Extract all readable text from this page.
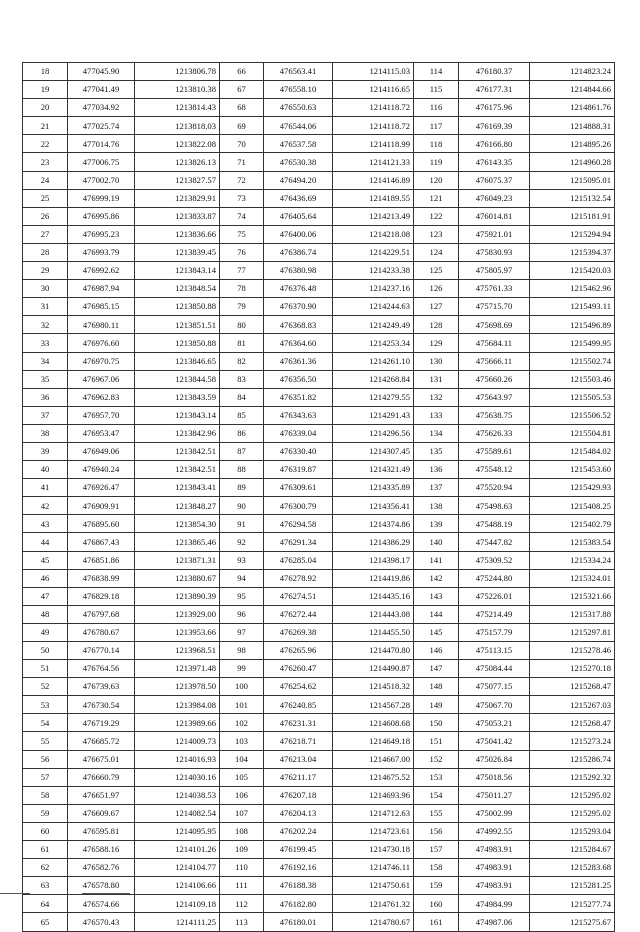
18	477045.90	1213806.78	66	476563.41	1214115.03	114	476180.37	1214823.24
19	477041.49	1213810.38	67	476558.10	1214116.65	115	476177.31	1214844.66
20	477034.92	1213814.43	68	476550.63	1214118.72	116	476175.96	1214861.76
21	477025.74	1213818.03	69	476544.06	1214118.72	117	476169.39	1214888.31
22	477014.76	1213822.08	70	476537.58	1214118.99	118	476166.80	1214895.26
23	477006.75	1213826.13	71	476530.38	1214121.33	119	476143.35	1214960.28
24	477002.70	1213827.57	72	476494.20	1214146.89	120	476075.37	1215095.01
25	476999.19	1213829.91	73	476436.69	1214189.55	121	476049.23	1215132.54
26	476995.86	1213833.87	74	476405.64	1214213.49	122	476014.81	1215181.91
27	476995.23	1213836.66	75	476400.06	1214218.08	123	475921.01	1215294.94
28	476993.79	1213839.45	76	476386.74	1214229.51	124	475830.93	1215394.37
29	476992.62	1213843.14	77	476380.98	1214233.38	125	475805.97	1215420.03
30	476987.94	1213848.54	78	476376.48	1214237.16	126	475761.33	1215462.96
31	476985.15	1213850.88	79	476370.90	1214244.63	127	475715.70	1215493.11
32	476980.11	1213851.51	80	476368.83	1214249.49	128	475698.69	1215496.89
33	476976.60	1213850.88	81	476364.60	1214253.34	129	475684.11	1215499.95
34	476970.75	1213846.65	82	476361.36	1214261.10	130	475666.11	1215502.74
35	476967.06	1213844.58	83	476356.50	1214268.84	131	475660.26	1215503.46
36	476962.83	1213843.59	84	476351.82	1214279.55	132	475643.97	1215505.53
37	476957.70	1213843.14	85	476343.63	1214291.43	133	475638.75	1215506.52
38	476953.47	1213842.96	86	476339.04	1214296.56	134	475626.33	1215504.81
39	476949.06	1213842.51	87	476330.40	1214307.45	135	475589.61	1215484.02
40	476940.24	1213842.51	88	476319.87	1214321.49	136	475548.12	1215453.60
41	476926.47	1213843.41	89	476309.61	1214335.89	137	475520.94	1215429.93
42	476909.91	1213848.27	90	476300.79	1214356.41	138	475498.63	1215408.25
43	476895.60	1213854.30	91	476294.58	1214374.86	139	475488.19	1215402.79
44	476867.43	1213865.46	92	476291.34	1214386.29	140	475447.82	1215383.54
45	476851.86	1213871.31	93	476285.04	1214398.17	141	475309.52	1215334.24
46	476838.99	1213880.67	94	476278.92	1214419.86	142	475244.80	1215324.01
47	476829.18	1213890.39	95	476274.51	1214435.16	143	475226.01	1215321.66
48	476797.68	1213929.00	96	476272.44	1214443.08	144	475214.49	1215317.88
49	476780.67	1213953.66	97	476269.38	1214455.50	145	475157.79	1215297.81
50	476770.14	1213968.51	98	476265.96	1214470.80	146	475113.15	1215278.46
51	476764.56	1213971.48	99	476260.47	1214490.87	147	475084.44	1215270.18
52	476739.63	1213978.50	100	476254.62	1214518.32	148	475077.15	1215268.47
53	476730.54	1213984.08	101	476240.85	1214567.28	149	475067.70	1215267.03
54	476719.29	1213989.66	102	476231.31	1214608.68	150	475053.21	1215268.47
55	476685.72	1214009.73	103	476218.71	1214649.18	151	475041.42	1215273.24
56	476675.01	1214016.93	104	476213.04	1214667.00	152	475026.84	1215286.74
57	476660.79	1214030.16	105	476211.17	1214675.52	153	475018.56	1215292.32
58	476651.97	1214038.53	106	476207.18	1214693.96	154	475011.27	1215295.02
59	476609.67	1214082.54	107	476204.13	1214712.63	155	475002.99	1215295.02
60	476595.81	1214095.95	108	476202.24	1214723.61	156	474992.55	1215293.04
61	476588.16	1214101.26	109	476199.45	1214730.18	157	474983.91	1215284.67
62	476582.76	1214104.77	110	476192.16	1214746.11	158	474983.91	1215283.68
63	476578.80	1214106.66	111	476188.38	1214750.61	159	474983.91	1215281.25
64	476574.66	1214109.18	112	476182.80	1214761.32	160	474984.99	1215277.74
65	476570.43	1214111.25	113	476180.01	1214780.67	161	474987.06	1215275.67
